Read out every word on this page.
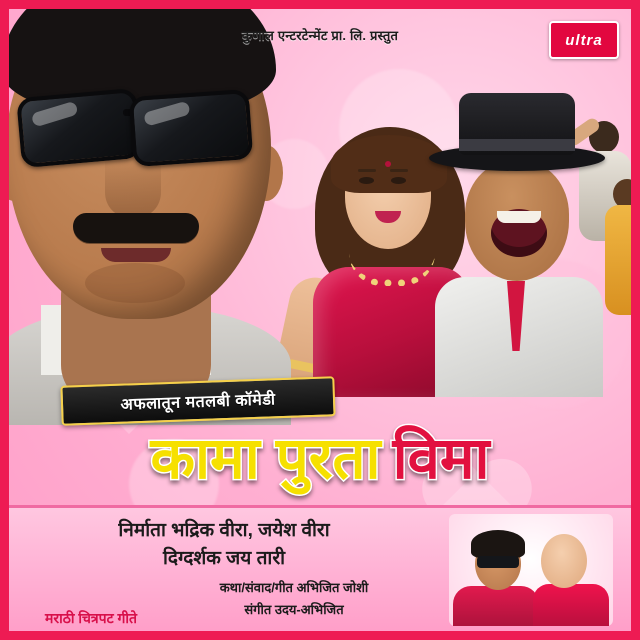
कुणाल एन्टरटेन्मेंट प्रा. लि. प्रस्तुत	ultra
अफलातून मतलबी कॉमेडी
कामा पुरता विमा
निर्माता भद्रिक वीरा, जयेश वीरा
दिग्दर्शक जय तारी
कथा/संवाद/गीत अभिजित जोशी
संगीत उदय-अभिजित
मराठी चित्रपट गीते
